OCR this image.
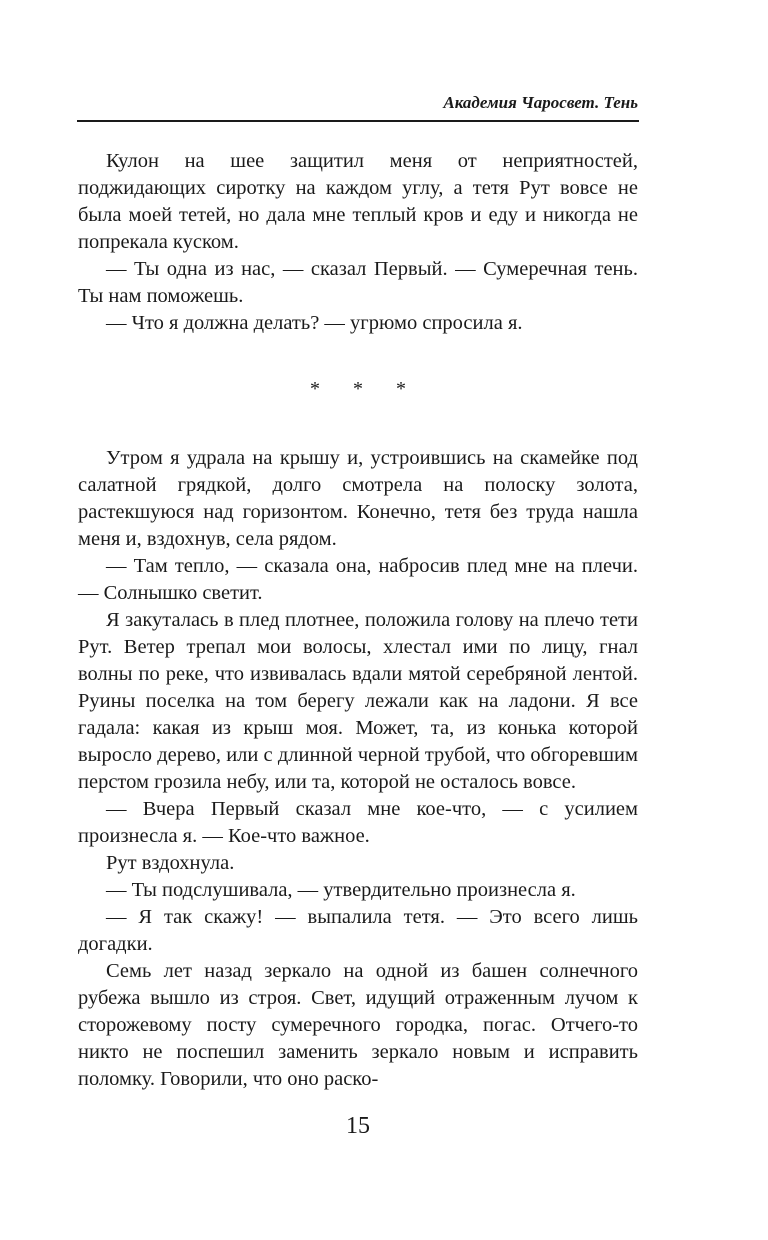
Академия Чаросвет. Тень

Кулон на шее защитил меня от неприятностей, поджидающих сиротку на каждом углу, а тетя Рут вовсе не была моей тетей, но дала мне теплый кров и еду и никогда не попрекала куском.

— Ты одна из нас, — сказал Первый. — Сумеречная тень. Ты нам поможешь.

— Что я должна делать? — угрюмо спросила я.

* * *

Утром я удрала на крышу и, устроившись на скамейке под салатной грядкой, долго смотрела на полоску золота, растекшуюся над горизонтом. Конечно, тетя без труда нашла меня и, вздохнув, села рядом.

— Там тепло, — сказала она, набросив плед мне на плечи. — Солнышко светит.

Я закуталась в плед плотнее, положила голову на плечо тети Рут. Ветер трепал мои волосы, хлестал ими по лицу, гнал волны по реке, что извивалась вдали мятой серебряной лентой. Руины поселка на том берегу лежали как на ладони. Я все гадала: какая из крыш моя. Может, та, из конька которой выросло дерево, или с длинной черной трубой, что обгоревшим перстом грозила небу, или та, которой не осталось вовсе.

— Вчера Первый сказал мне кое-что, — с усилием произнесла я. — Кое-что важное.

Рут вздохнула.

— Ты подслушивала, — утвердительно произнесла я.

— Я так скажу! — выпалила тетя. — Это всего лишь догадки.

Семь лет назад зеркало на одной из башен солнечного рубежа вышло из строя. Свет, идущий отраженным лучом к сторожевому посту сумеречного городка, погас. Отчего-то никто не поспешил заменить зеркало новым и исправить поломку. Говорили, что оно раско-

15
